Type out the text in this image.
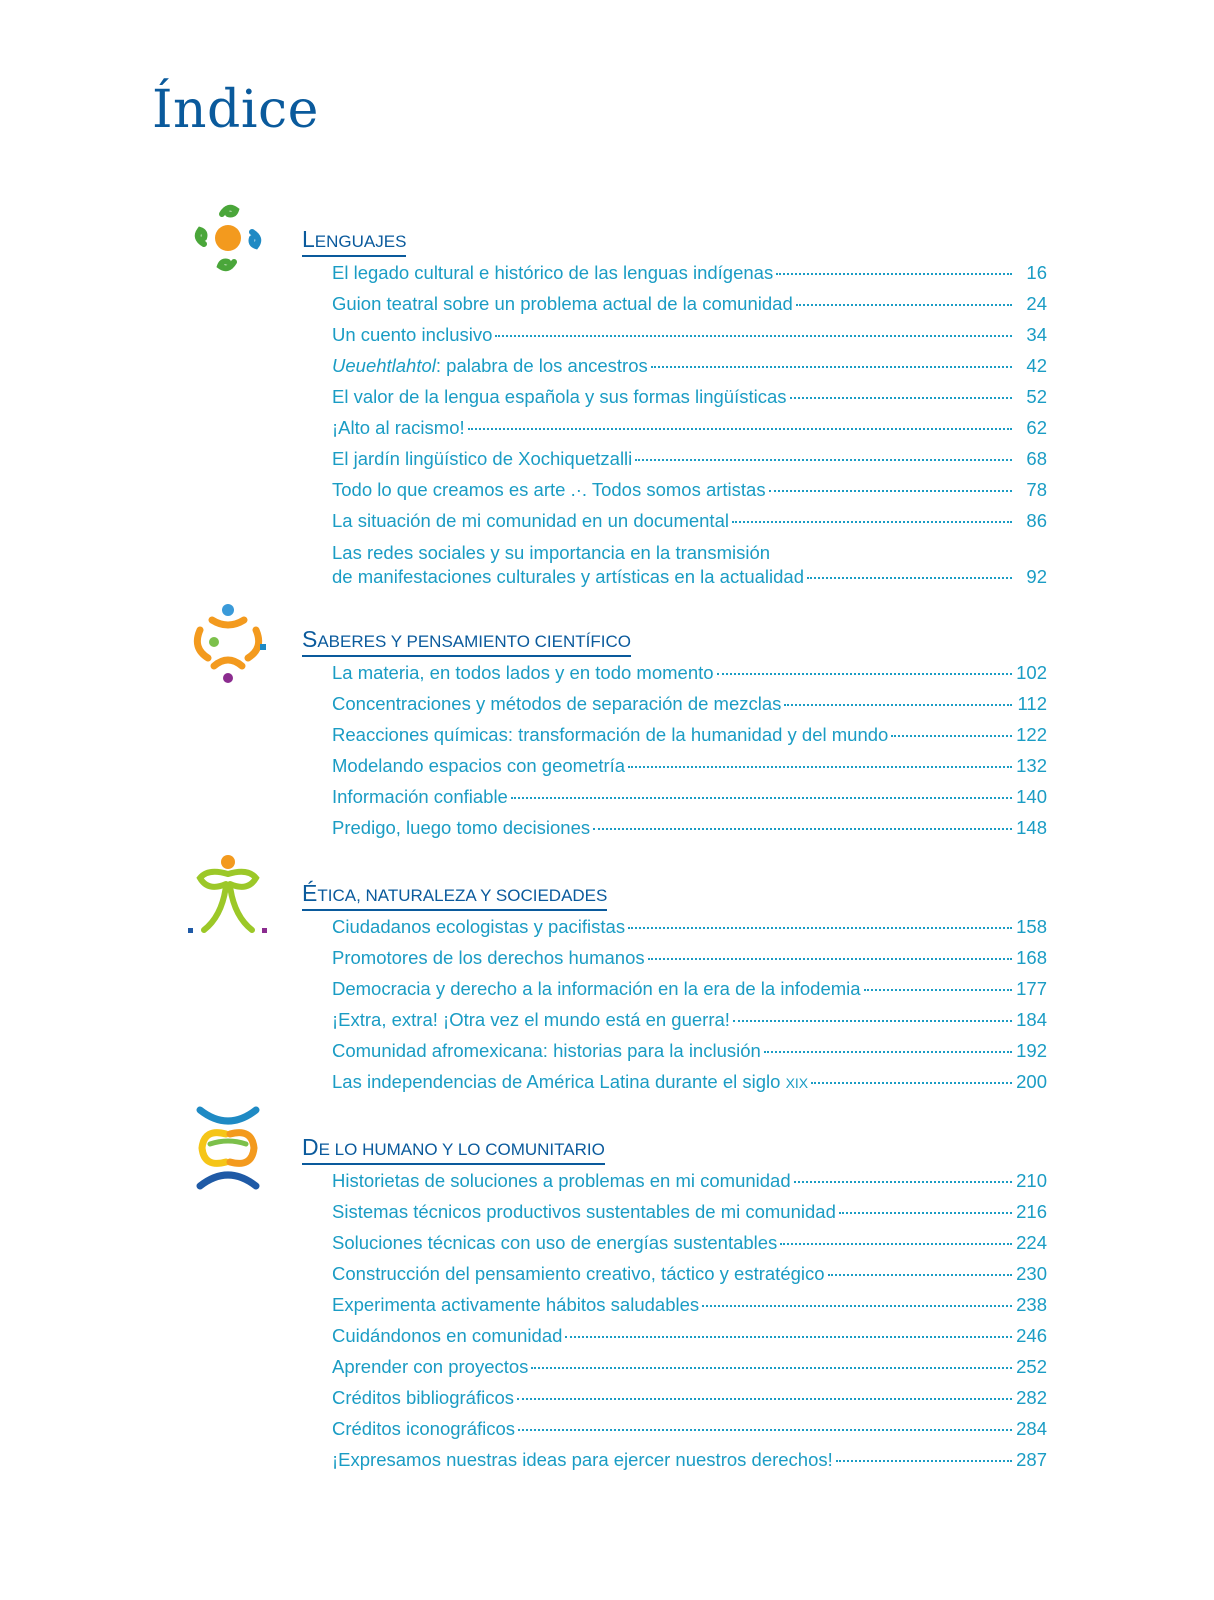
Índice
LENGUAJES
El legado cultural e histórico de las lenguas indígenas	16
Guion teatral sobre un problema actual de la comunidad	24
Un cuento inclusivo	34
Ueuehtlahtol: palabra de los ancestros	42
El valor de la lengua española y sus formas lingüísticas	52
¡Alto al racismo!	62
El jardín lingüístico de Xochiquetzalli	68
Todo lo que creamos es arte .·. Todos somos artistas	78
La situación de mi comunidad en un documental	86
Las redes sociales y su importancia en la transmisión
de manifestaciones culturales y artísticas en la actualidad	92
SABERES Y PENSAMIENTO CIENTÍFICO
La materia, en todos lados y en todo momento	102
Concentraciones y métodos de separación de mezclas	112
Reacciones químicas: transformación de la humanidad y del mundo	122
Modelando espacios con geometría	132
Información confiable	140
Predigo, luego tomo decisiones	148
ÉTICA, NATURALEZA Y SOCIEDADES
Ciudadanos ecologistas y pacifistas	158
Promotores de los derechos humanos	168
Democracia y derecho a la información en la era de la infodemia	177
¡Extra, extra! ¡Otra vez el mundo está en guerra!	184
Comunidad afromexicana: historias para la inclusión	192
Las independencias de América Latina durante el siglo XIX	200
DE LO HUMANO Y LO COMUNITARIO
Historietas de soluciones a problemas en mi comunidad	210
Sistemas técnicos productivos sustentables de mi comunidad	216
Soluciones técnicas con uso de energías sustentables	224
Construcción del pensamiento creativo, táctico y estratégico	230
Experimenta activamente hábitos saludables	238
Cuidándonos en comunidad	246
Aprender con proyectos	252
Créditos bibliográficos	282
Créditos iconográficos	284
¡Expresamos nuestras ideas para ejercer nuestros derechos!	287
